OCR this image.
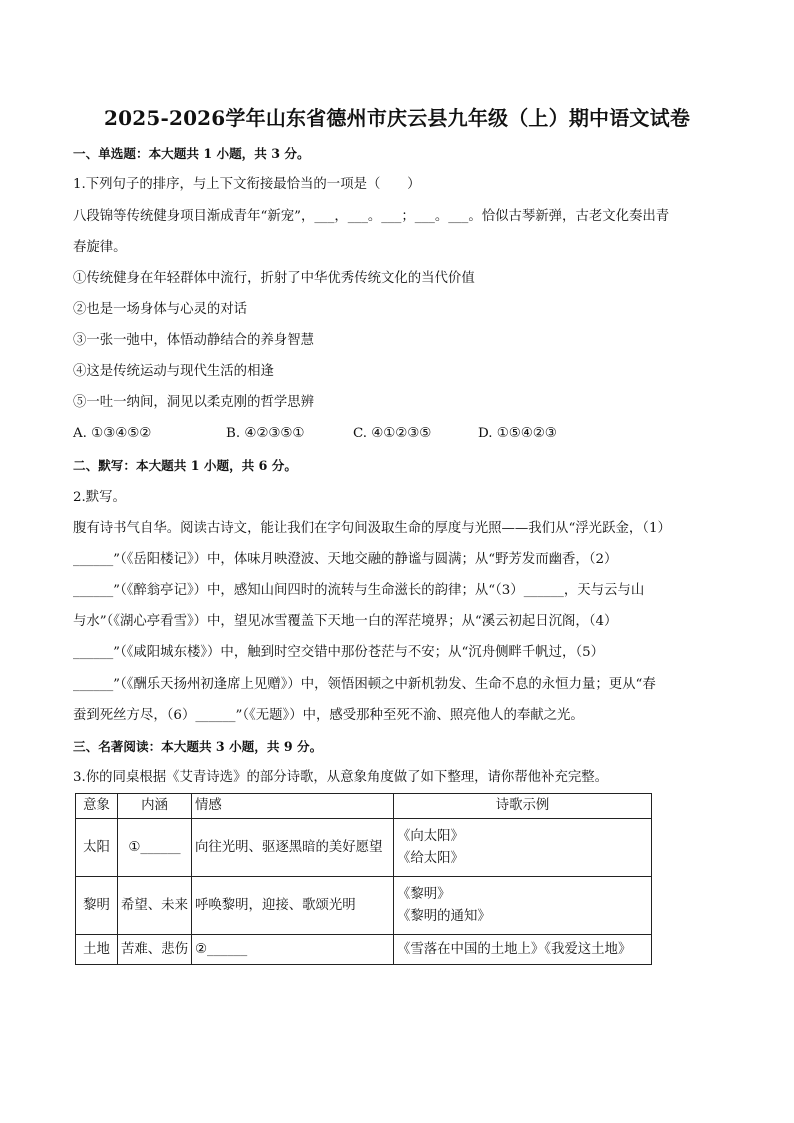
2025-2026学年山东省德州市庆云县九年级（上）期中语文试卷
一、单选题：本大题共 1 小题，共 3 分。
1.下列句子的排序，与上下文衔接最恰当的一项是（　　）
八段锦等传统健身项目渐成青年“新宠”，___，___。___；___。___。恰似古琴新弹，古老文化奏出青
春旋律。
①传统健身在年轻群体中流行，折射了中华优秀传统文化的当代价值
②也是一场身体与心灵的对话
③一张一弛中，体悟动静结合的养身智慧
④这是传统运动与现代生活的相逢
⑤一吐一纳间，洞见以柔克刚的哲学思辨
A. ①③④⑤②	B. ④②③⑤①	C. ④①②③⑤	D. ①⑤④②③
二、默写：本大题共 1 小题，共 6 分。
2.默写。
腹有诗书气自华。阅读古诗文，能让我们在字句间汲取生命的厚度与光照——我们从“浮光跃金，（1）
______”（《岳阳楼记》）中，体味月映澄波、天地交融的静谧与圆满；从“野芳发而幽香，（2）
______”（《醉翁亭记》）中，感知山间四时的流转与生命滋长的韵律；从“（3）______，天与云与山
与水”（《湖心亭看雪》）中，望见冰雪覆盖下天地一白的浑茫境界；从“溪云初起日沉阁，（4）
______”（《咸阳城东楼》）中，触到时空交错中那份苍茫与不安；从“沉舟侧畔千帆过，（5）
______”（《酬乐天扬州初逢席上见赠》）中，领悟困顿之中新机勃发、生命不息的永恒力量；更从“春
蚕到死丝方尽，（6）______”（《无题》）中，感受那种至死不渝、照亮他人的奉献之光。
三、名著阅读：本大题共 3 小题，共 9 分。
3.你的同桌根据《艾青诗选》的部分诗歌，从意象角度做了如下整理，请你帮他补充完整。
意象	内涵	情感	诗歌示例
太阳	①______	向往光明、驱逐黑暗的美好愿望	《向太阳》
《给太阳》

黎明	希望、未来	呼唤黎明，迎接、歌颂光明	《黎明》
《黎明的通知》

土地	苦难、悲伤	②______	《雪落在中国的土地上》《我爱这土地》
